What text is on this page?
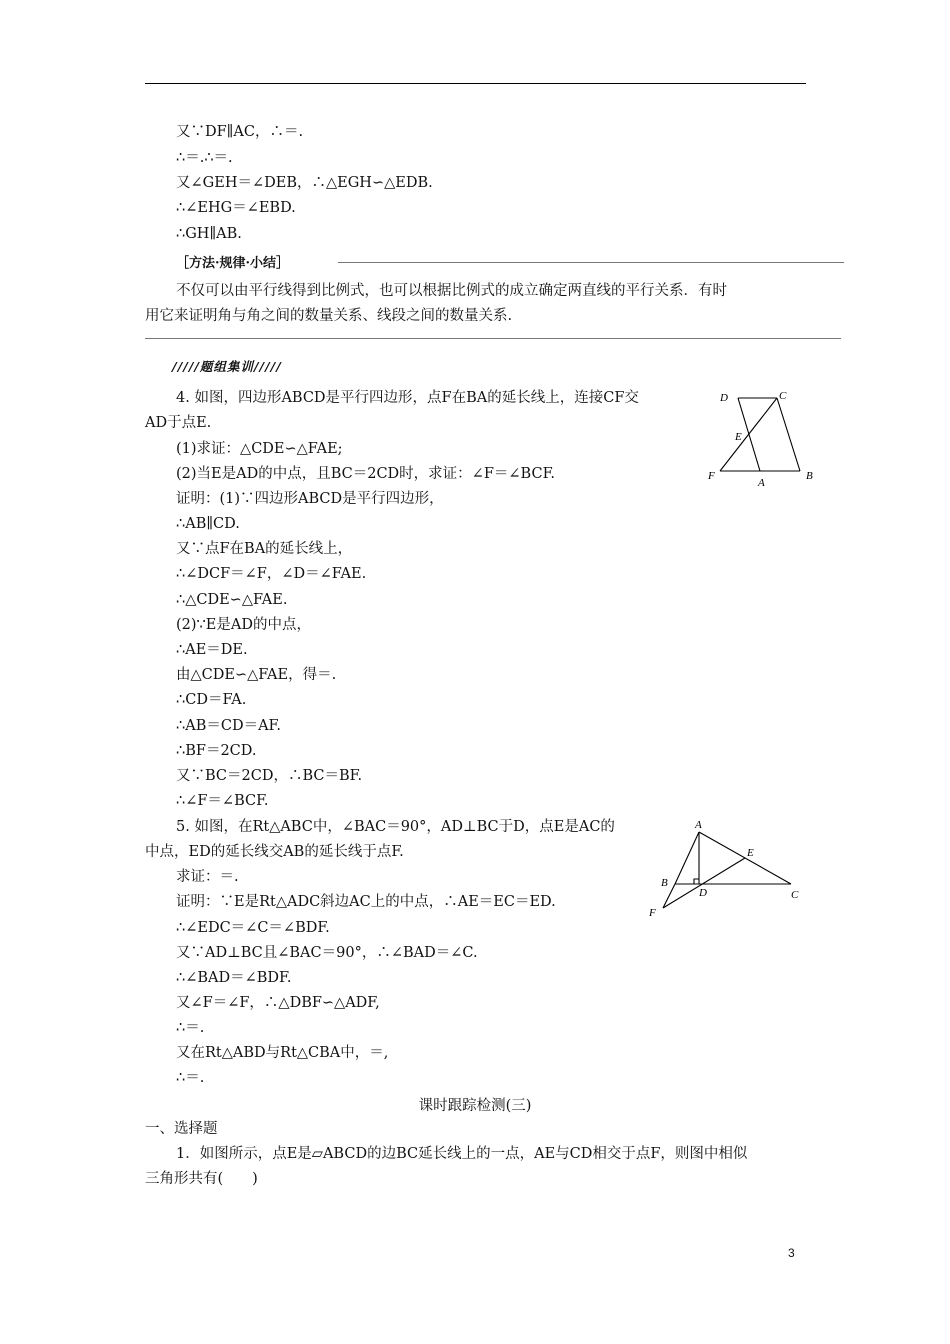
又∵DF∥AC，∴＝.
∴＝.∴＝.
又∠GEH＝∠DEB，∴△EGH∽△EDB.
∴∠EHG＝∠EBD.
∴GH∥AB.
［方法·规律·小结］
不仅可以由平行线得到比例式，也可以根据比例式的成立确定两直线的平行关系．有时
用它来证明角与角之间的数量关系、线段之间的数量关系.
/////题组集训/////
4. 如图，四边形ABCD是平行四边形，点F在BA的延长线上，连接CF交
AD于点E.
(1)求证：△CDE∽△FAE;
(2)当E是AD的中点，且BC＝2CD时，求证：∠F＝∠BCF.
证明：(1)∵四边形ABCD是平行四边形，
∴AB∥CD.
又∵点F在BA的延长线上，
∴∠DCF＝∠F，∠D＝∠FAE.
∴△CDE∽△FAE.
(2)∵E是AD的中点，
∴AE＝DE.
由△CDE∽△FAE，得＝.
∴CD＝FA.
∴AB＝CD＝AF.
∴BF＝2CD.
又∵BC＝2CD，∴BC＝BF.
∴∠F＝∠BCF.
D	C
E
F
A
B
5. 如图，在Rt△ABC中，∠BAC＝90°，AD⊥BC于D，点E是AC的
中点，ED的延长线交AB的延长线于点F.
求证：＝.
证明：∵E是Rt△ADC斜边AC上的中点，∴AE＝EC＝ED.
∴∠EDC＝∠C＝∠BDF.
又∵AD⊥BC且∠BAC＝90°，∴∠BAD＝∠C.
∴∠BAD＝∠BDF.
又∠F＝∠F，∴△DBF∽△ADF,
∴＝.
又在Rt△ABD与Rt△CBA中，＝,
∴＝.
A
E
B
D	C
F
课时跟踪检测(三)
一、选择题
1．如图所示，点E是▱ABCD的边BC延长线上的一点，AE与CD相交于点F，则图中相似
三角形共有(　　)
3
